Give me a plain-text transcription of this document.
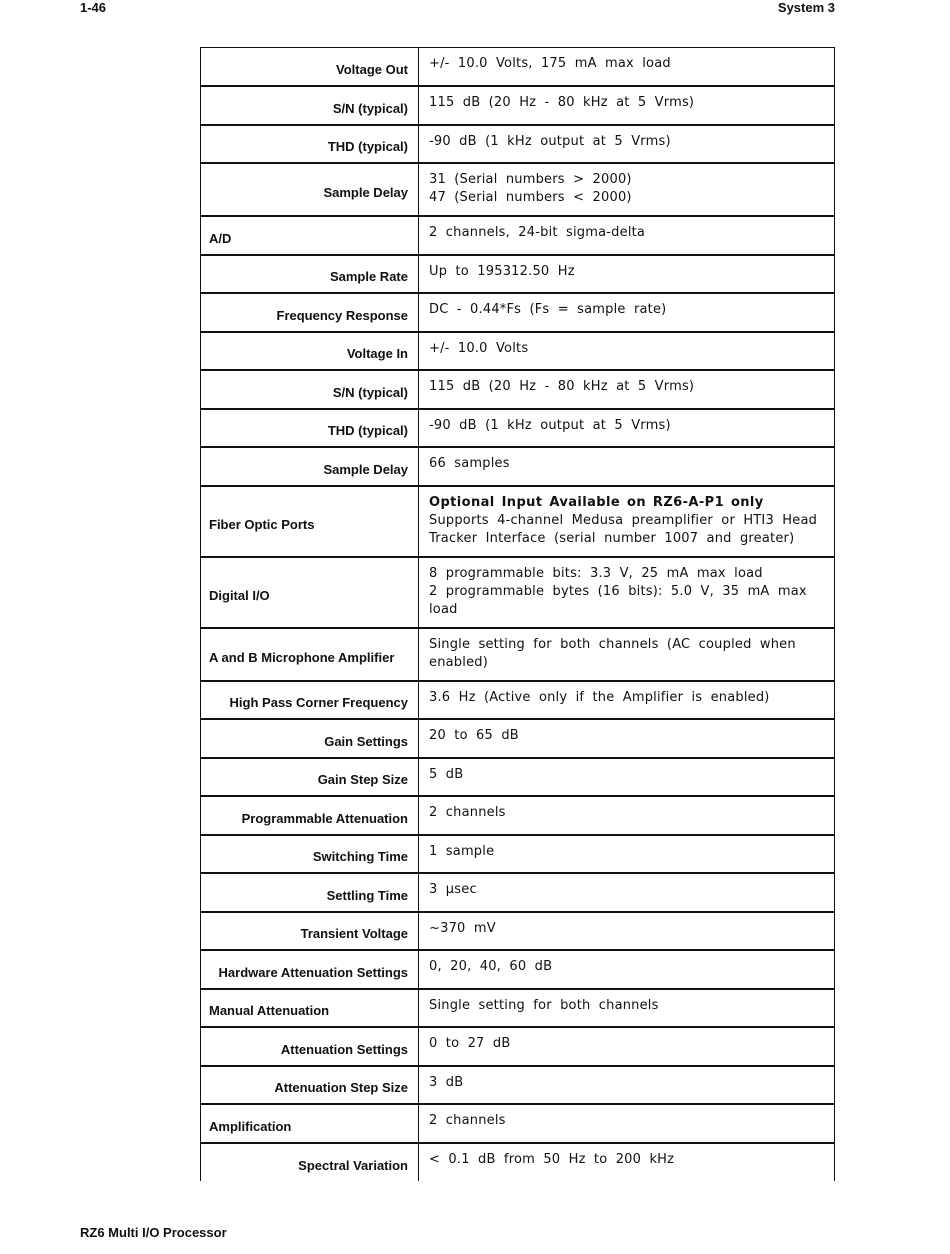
1-46	System 3
Voltage Out	+/- 10.0 Volts, 175 mA max load

S/N (typical)	115 dB (20 Hz - 80 kHz at 5 Vrms)

THD (typical)	-90 dB (1 kHz output at 5 Vrms)

Sample Delay	31 (Serial numbers > 2000)
47 (Serial numbers < 2000)

A/D	2 channels, 24-bit sigma-delta

Sample Rate	Up to 195312.50 Hz

Frequency Response	DC - 0.44*Fs (Fs = sample rate)

Voltage In	+/- 10.0 Volts

S/N (typical)	115 dB (20 Hz - 80 kHz at 5 Vrms)

THD (typical)	-90 dB (1 kHz output at 5 Vrms)

Sample Delay	66 samples

Fiber Optic Ports	Optional Input Available on RZ6-A-P1 only
Supports 4-channel Medusa preamplifier or HTI3 Head Tracker Interface (serial number 1007 and greater)

Digital I/O	8 programmable bits: 3.3 V, 25 mA max load
2 programmable bytes (16 bits): 5.0 V, 35 mA max load

A and B Microphone Amplifier	Single setting for both channels (AC coupled when enabled)

High Pass Corner Frequency	3.6 Hz (Active only if the Amplifier is enabled)

Gain Settings	20 to 65 dB

Gain Step Size	5 dB

Programmable Attenuation	2 channels

Switching Time	1 sample

Settling Time	3 µsec

Transient Voltage	~370 mV

Hardware Attenuation Settings	0, 20, 40, 60 dB

Manual Attenuation	Single setting for both channels

Attenuation Settings	0 to 27 dB

Attenuation Step Size	3 dB

Amplification	2 channels

Spectral Variation	< 0.1 dB from 50 Hz to 200 kHz
RZ6 Multi I/O Processor
